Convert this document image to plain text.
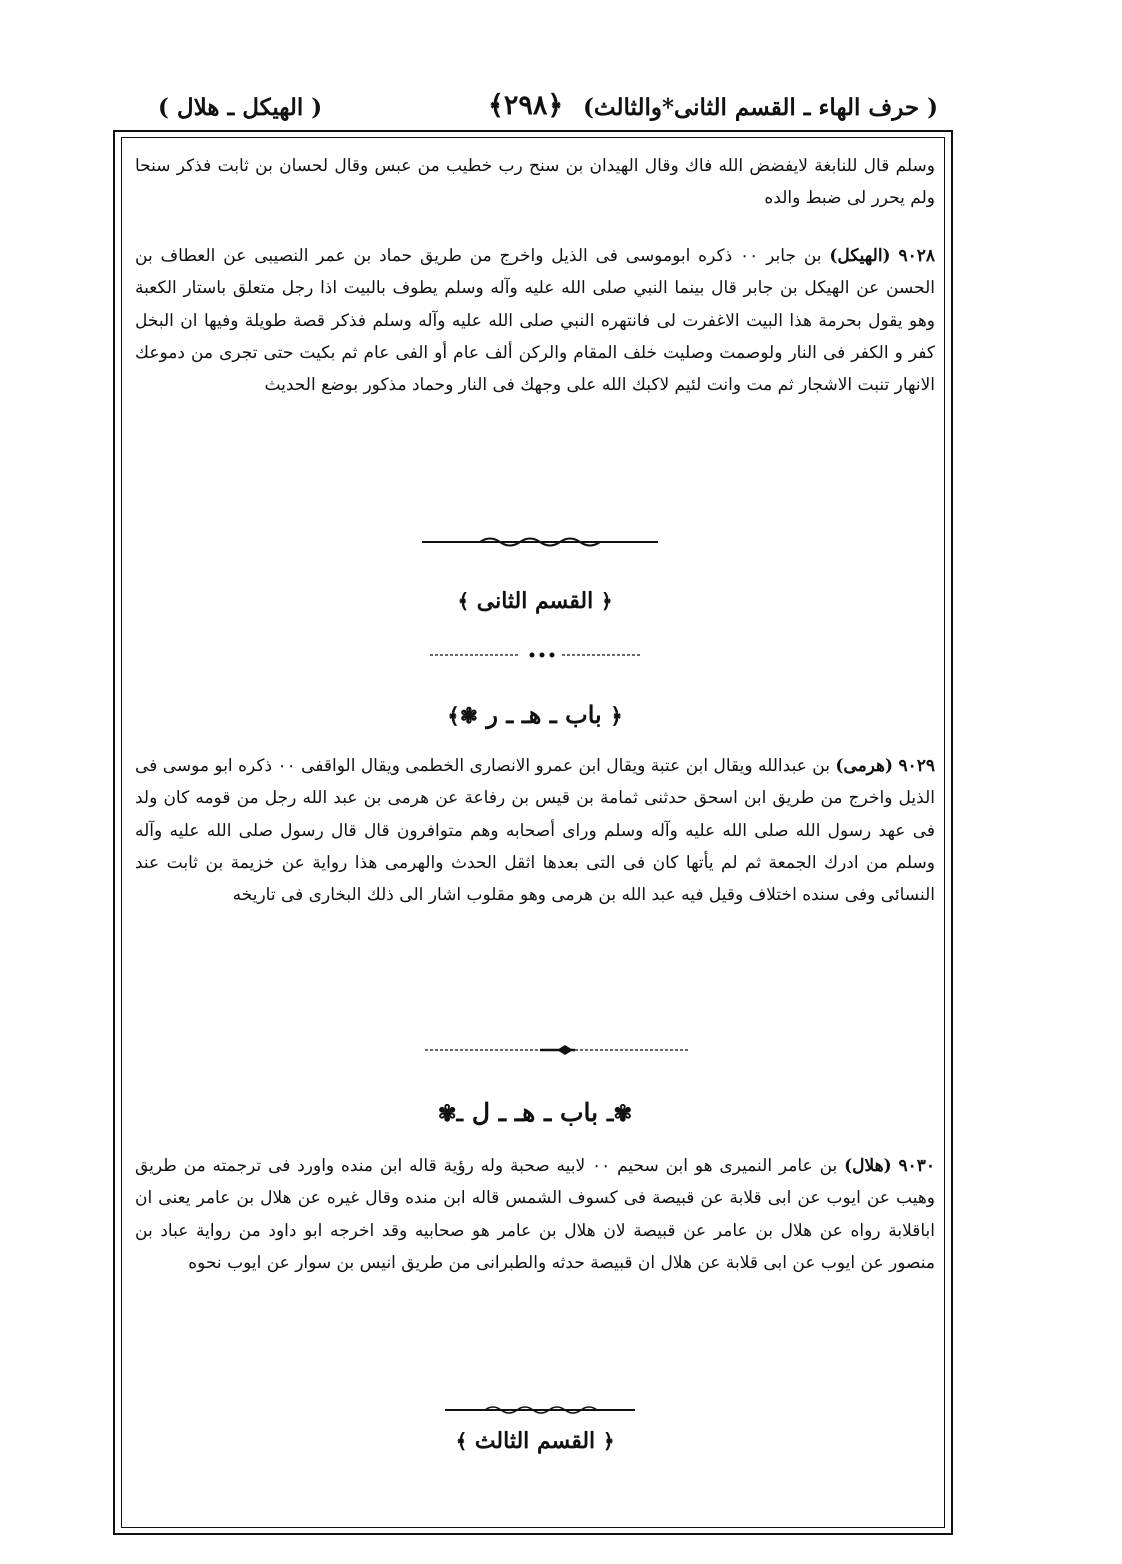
( حرف الهاء ـ القسم الثانى*والثالث)
﴿٢٩٨﴾
( الهيكل ـ هلال )

وسلم قال للنابغة لايفضض الله فاك وقال الهيدان بن سنح رب خطيب من عبس وقال لحسان بن ثابت فذكر سنحا ولم يحرر لى ضبط والده

٩٠٢٨ (الهيكل) بن جابر ٠٠ ذكره ابوموسى فى الذيل واخرج من طريق حماد بن عمر النصيبى عن العطاف بن الحسن عن الهيكل بن جابر قال بينما النبي صلى الله عليه وآله وسلم يطوف بالبيت اذا رجل متعلق باستار الكعبة وهو يقول بحرمة هذا البيت الاغفرت لى فانتهره النبي صلى الله عليه وآله وسلم فذكر قصة طويلة وفيها ان البخل كفر و الكفر فى النار ولوصمت وصليت خلف المقام والركن ألف عام أو الفى عام ثم بكيت حتى تجرى من دموعك الانهار تنبت الاشجار ثم مت وانت لئيم لاكبك الله على وجهك فى النار وحماد مذكور بوضع الحديث

﴿ القسم الثانى ﴾
﴿ باب ـ هـ ـ ر ❃﴾

٩٠٢٩ (هرمى) بن عبدالله ويقال ابن عتبة ويقال ابن عمرو الانصارى الخطمى ويقال الواقفى ٠٠ ذكره ابو موسى فى الذيل واخرج من طريق ابن اسحق حدثنى ثمامة بن قيس بن رفاعة عن هرمى بن عبد الله رجل من قومه كان ولد فى عهد رسول الله صلى الله عليه وآله وسلم وراى أصحابه وهم متوافرون قال قال رسول صلى الله عليه وآله وسلم من ادرك الجمعة ثم لم يأتها كان فى التى بعدها اثقل الحدث والهرمى هذا رواية عن خزيمة بن ثابت عند النسائى وفى سنده اختلاف وقيل فيه عبد الله بن هرمى وهو مقلوب اشار الى ذلك البخارى فى تاريخه

✾ـ باب ـ هـ ـ ل ـ✾

٩٠٣٠ (هلال) بن عامر النميرى هو ابن سحيم ٠٠ لابيه صحبة وله رؤية قاله ابن منده واورد فى ترجمته من طريق وهيب عن ايوب عن ابى قلابة عن قبيصة فى كسوف الشمس قاله ابن منده وقال غيره عن هلال بن عامر يعنى ان اباقلابة رواه عن هلال بن عامر عن قبيصة لان هلال بن عامر هو صحابيه وقد اخرجه ابو داود من رواية عباد بن منصور عن ايوب عن ابى قلابة عن هلال ان قبيصة حدثه والطبرانى من طريق انيس بن سوار عن ايوب نحوه

﴿ القسم الثالث ﴾
